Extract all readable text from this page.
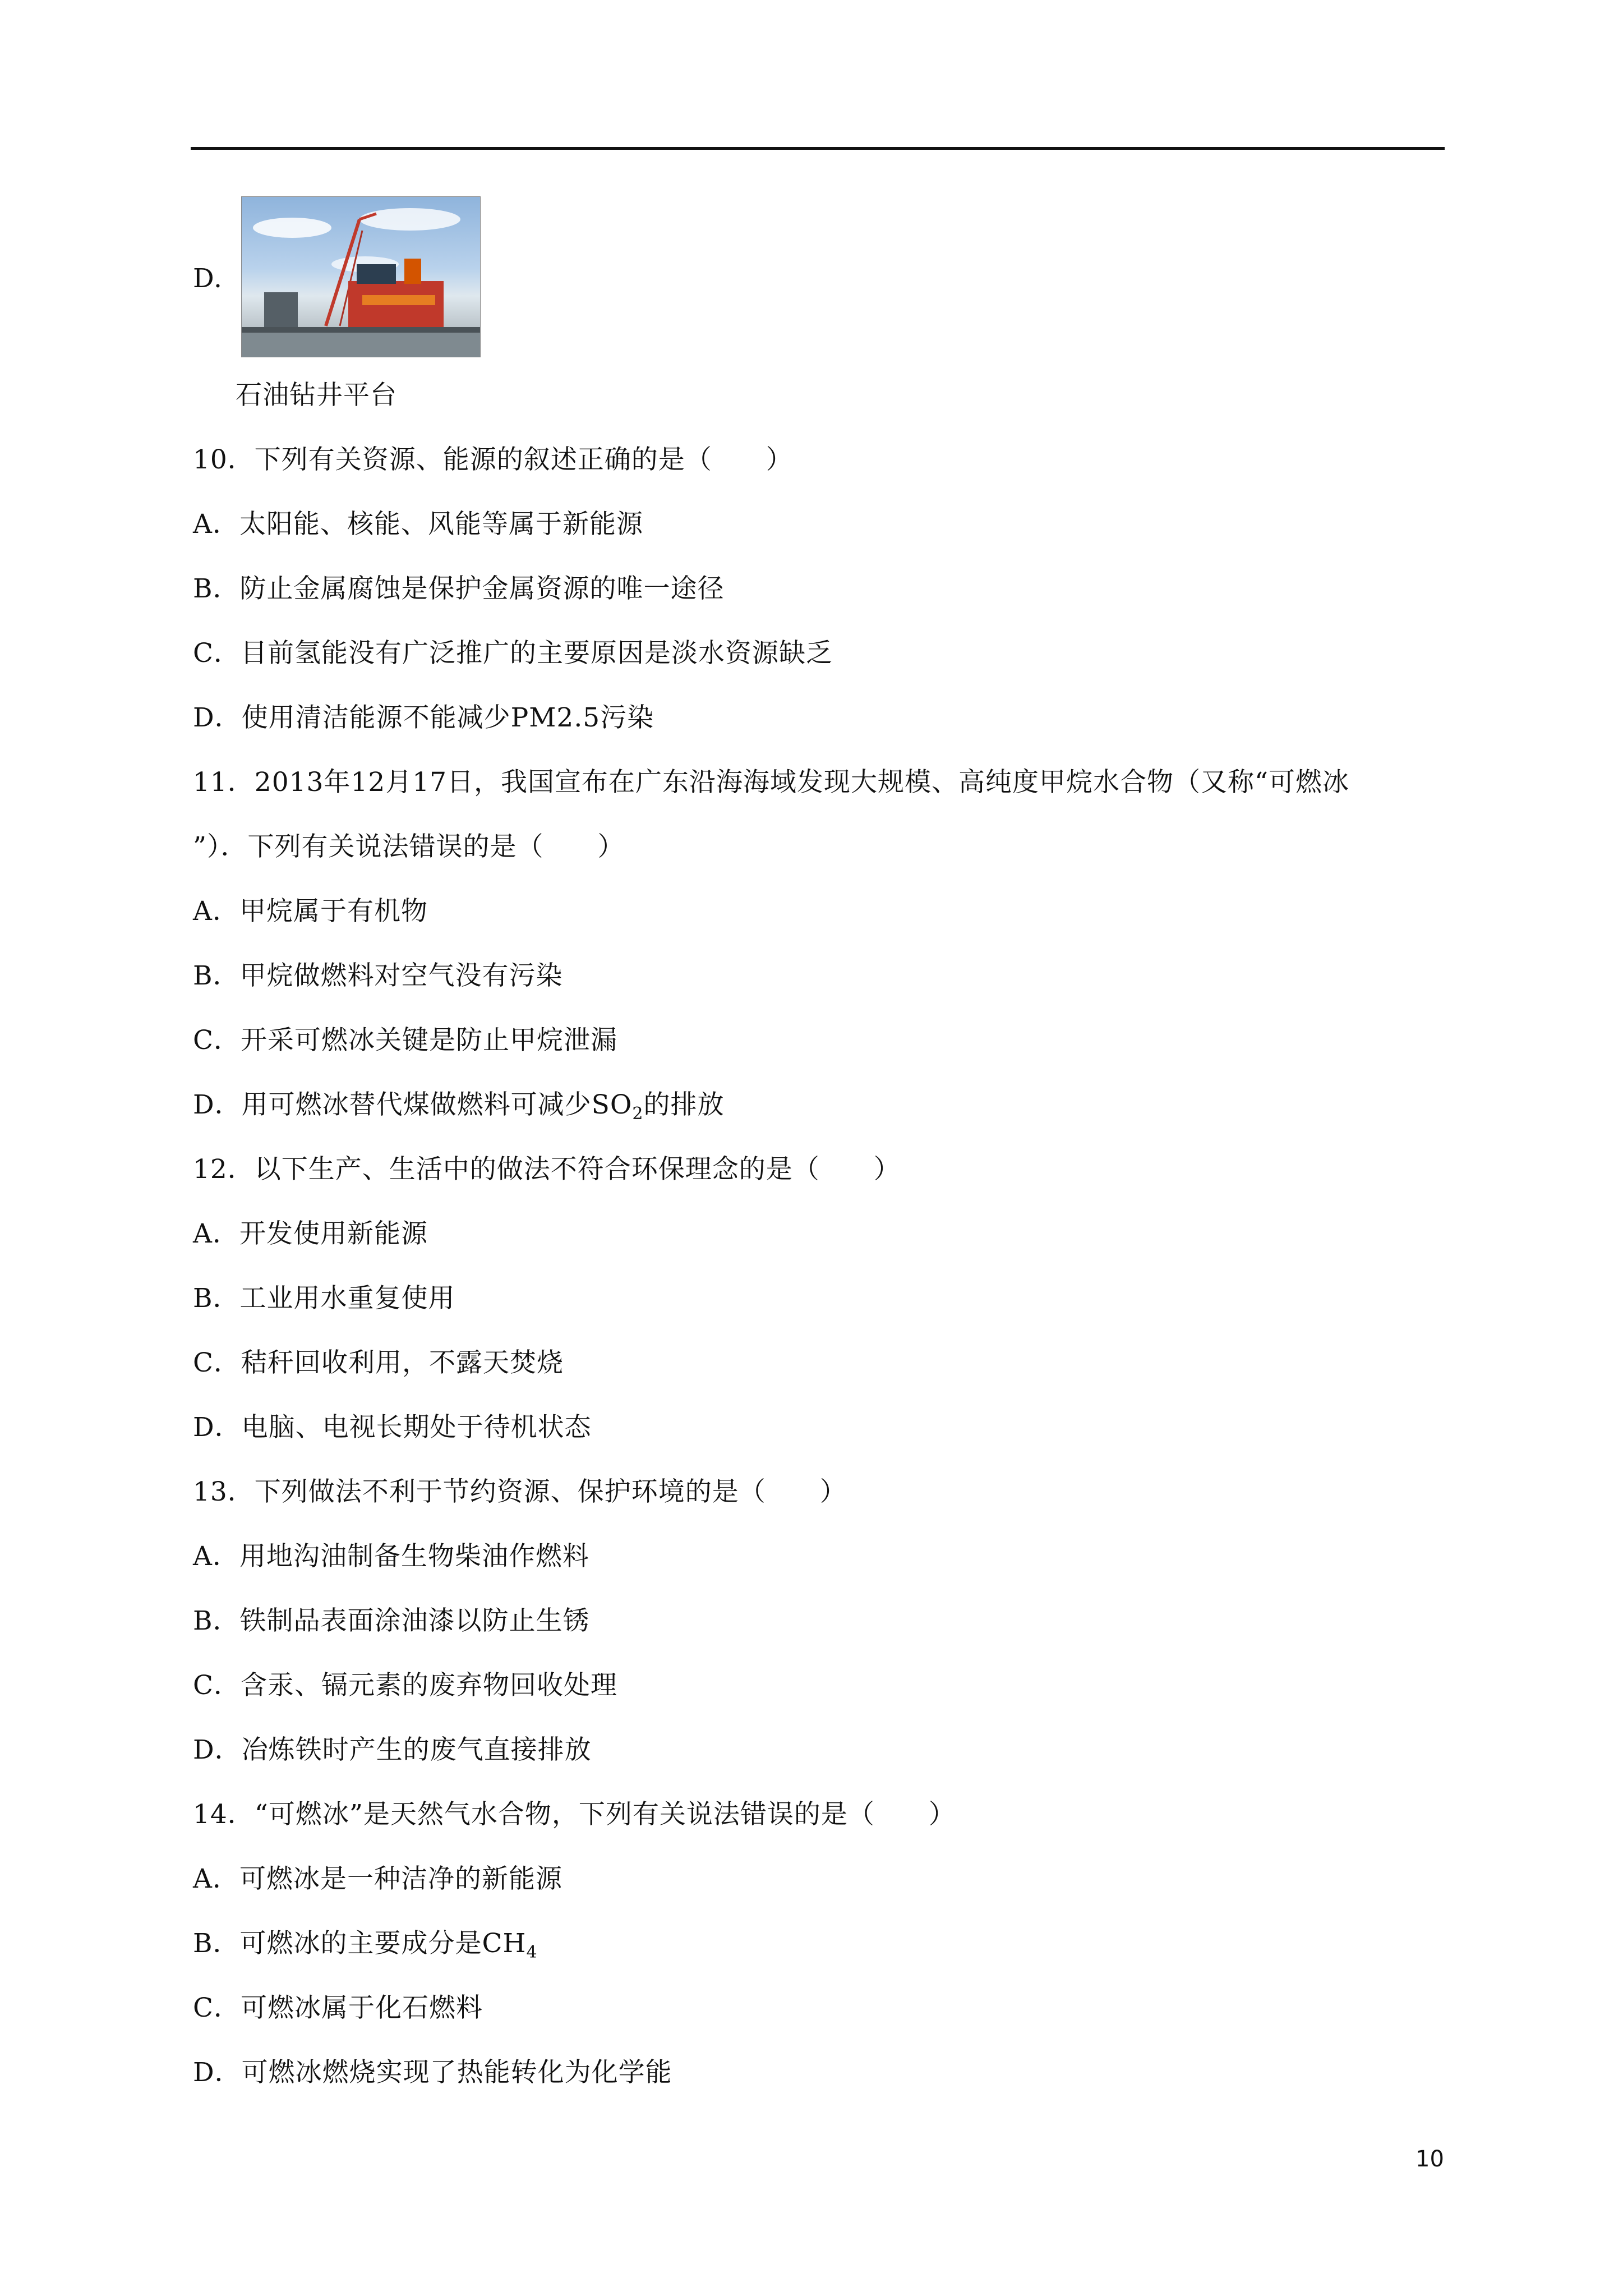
D.
石油钻井平台
10．下列有关资源、能源的叙述正确的是（　　）
A．太阳能、核能、风能等属于新能源
B．防止金属腐蚀是保护金属资源的唯一途径
C．目前氢能没有广泛推广的主要原因是淡水资源缺乏
D．使用清洁能源不能减少PM2.5污染
11．2013年12月17日，我国宣布在广东沿海海域发现大规模、高纯度甲烷水合物（又称“可燃冰
”）．下列有关说法错误的是（　　）
A．甲烷属于有机物
B．甲烷做燃料对空气没有污染
C．开采可燃冰关键是防止甲烷泄漏
D．用可燃冰替代煤做燃料可减少$SO_2$的排放
12．以下生产、生活中的做法不符合环保理念的是（　　）
A．开发使用新能源
B．工业用水重复使用
C．秸秆回收利用，不露天焚烧
D．电脑、电视长期处于待机状态
13．下列做法不利于节约资源、保护环境的是（　　）
A．用地沟油制备生物柴油作燃料
B．铁制品表面涂油漆以防止生锈
C．含汞、镉元素的废弃物回收处理
D．冶炼铁时产生的废气直接排放
14．“可燃冰”是天然气水合物，下列有关说法错误的是（　　）
A．可燃冰是一种洁净的新能源
B．可燃冰的主要成分是$CH_4$
C．可燃冰属于化石燃料
D．可燃冰燃烧实现了热能转化为化学能
10
